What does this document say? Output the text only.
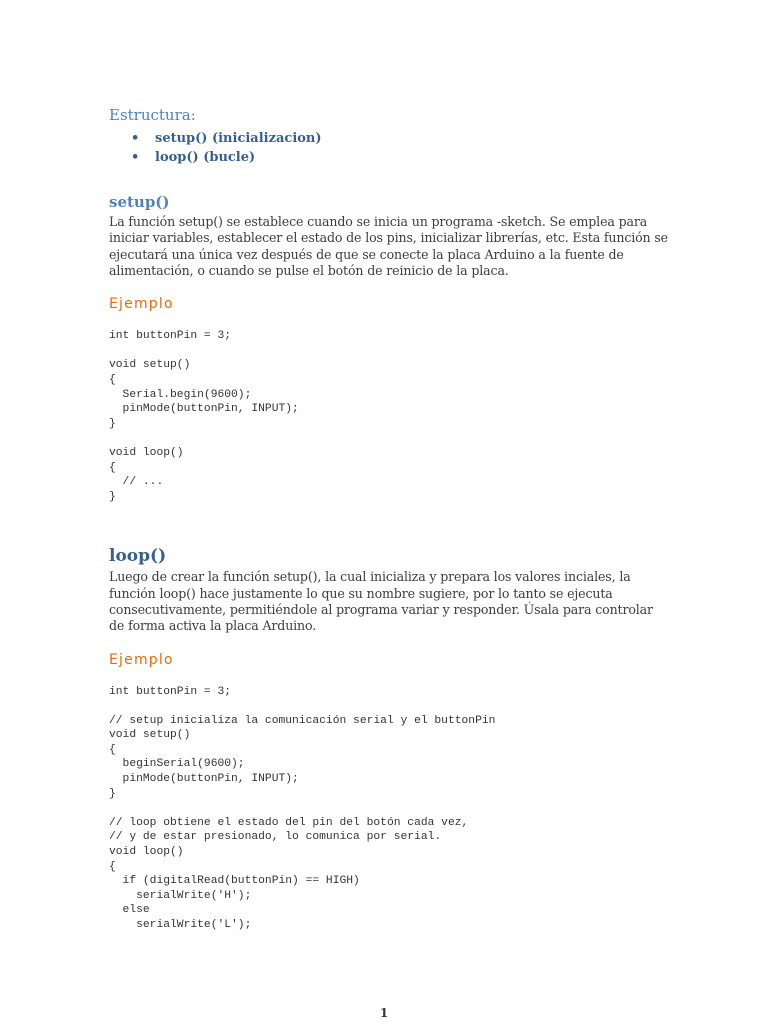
Estructura:
• setup() (inicializacion)
• loop() (bucle)
setup()

La función setup() se establece cuando se inicia un programa -sketch. Se emplea para iniciar variables, establecer el estado de los pins, inicializar librerías, etc. Esta función se ejecutará una única vez después de que se conecte la placa Arduino a la fuente de alimentación, o cuando se pulse el botón de reinicio de la placa.

Ejemplo
int buttonPin = 3;

void setup()
{
Serial.begin(9600);
pinMode(buttonPin, INPUT);
}

void loop()
{
// ...
}
loop()

Luego de crear la función setup(), la cual inicializa y prepara los valores inciales, la función loop() hace justamente lo que su nombre sugiere, por lo tanto se ejecuta consecutivamente, permitiéndole al programa variar y responder. Úsala para controlar de forma activa la placa Arduino.

Ejemplo
int buttonPin = 3;

// setup inicializa la comunicación serial y el buttonPin
void setup()
{
beginSerial(9600);
pinMode(buttonPin, INPUT);
}

// loop obtiene el estado del pin del botón cada vez,
// y de estar presionado, lo comunica por serial.
void loop()
{
if (digitalRead(buttonPin) == HIGH)
serialWrite('H');
else
serialWrite('L');
1
